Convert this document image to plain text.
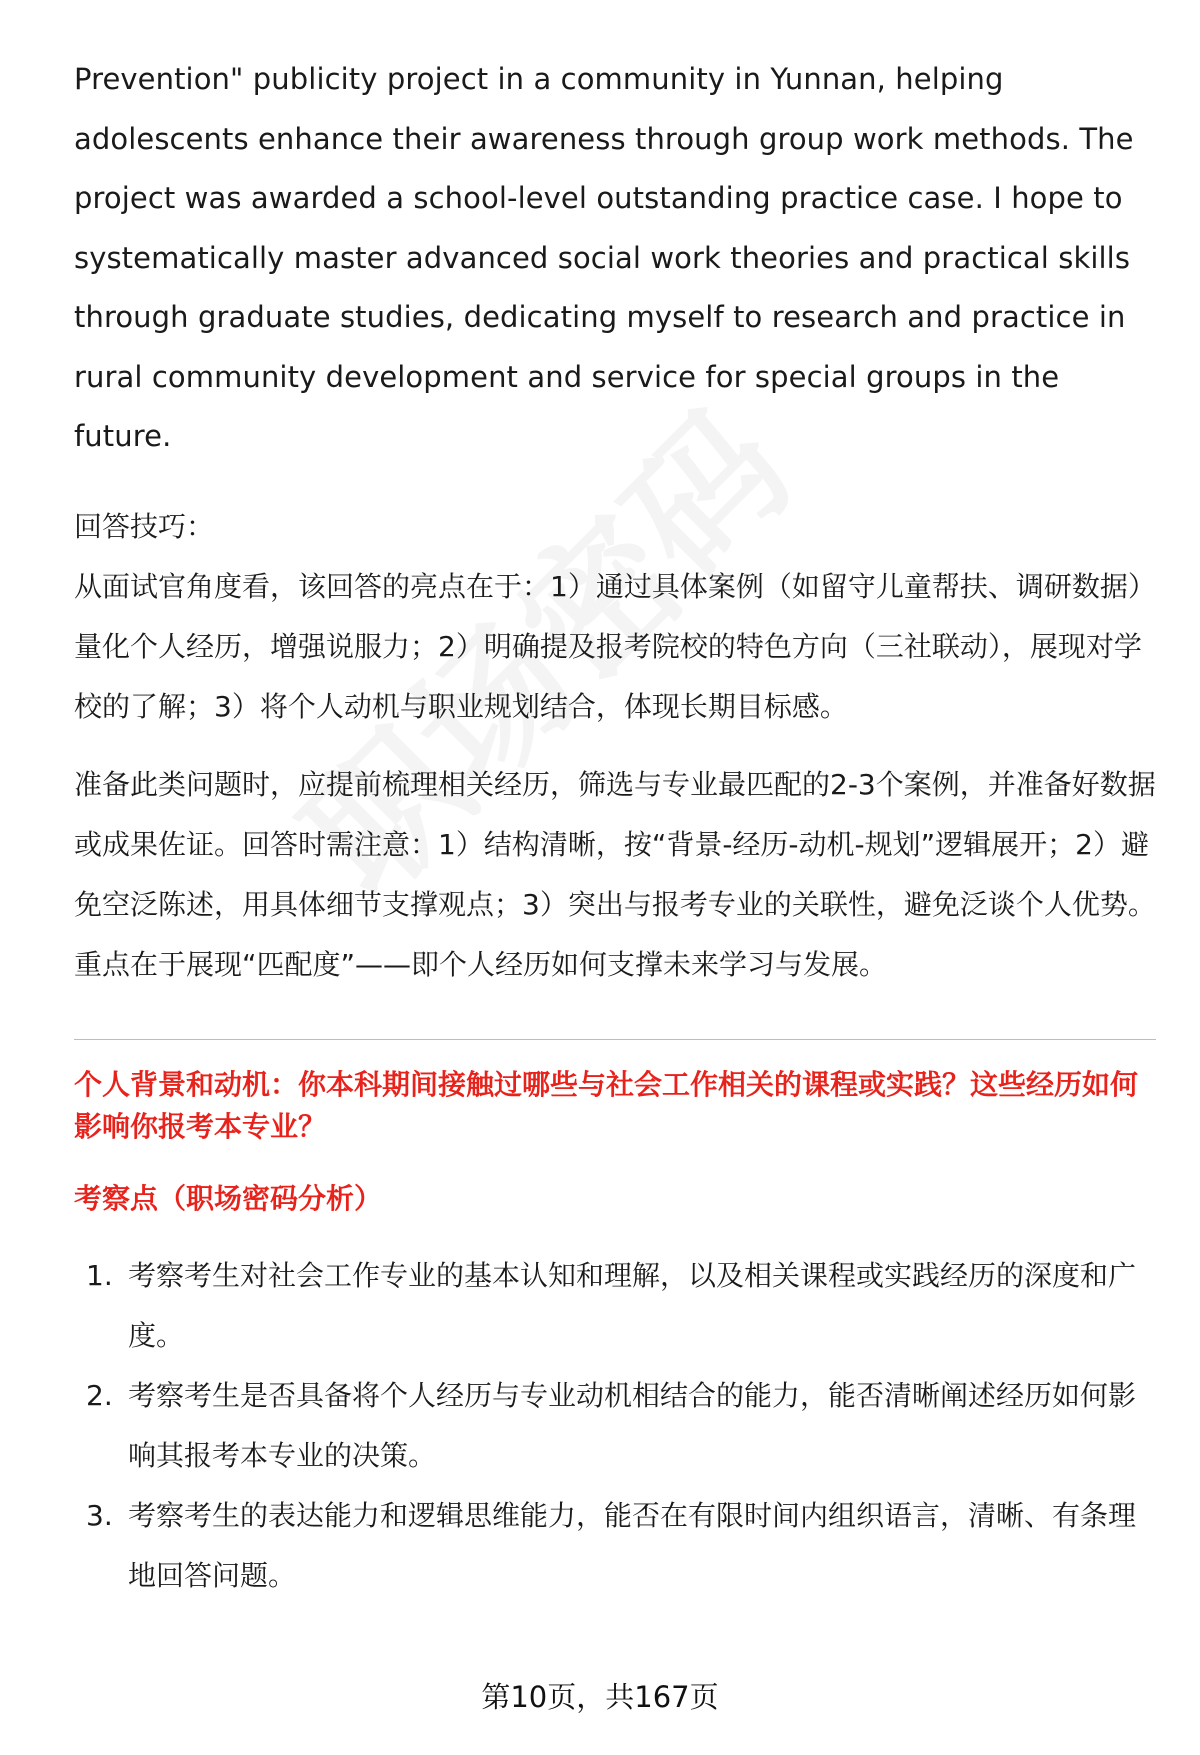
Prevention" publicity project in a community in Yunnan, helping

adolescents enhance their awareness through group work methods. The

project was awarded a school-level outstanding practice case. I hope to

systematically master advanced social work theories and practical skills

through graduate studies, dedicating myself to research and practice in

rural community development and service for special groups in the future.

回答技巧：

从面试官角度看，该回答的亮点在于：1）通过具体案例（如留守儿童帮扶、调研数据）量化个人经历，增强说服力；2）明确提及报考院校的特色方向（三社联动），展现对学校的了解；3）将个人动机与职业规划结合，体现长期目标感。

准备此类问题时，应提前梳理相关经历，筛选与专业最匹配的2-3个案例，并准备好数据或成果佐证。回答时需注意：1）结构清晰，按“背景-经历-动机-规划”逻辑展开；2）避免空泛陈述，用具体细节支撑观点；3）突出与报考专业的关联性，避免泛谈个人优势。重点在于展现“匹配度”——即个人经历如何支撑未来学习与发展。

个人背景和动机：你本科期间接触过哪些与社会工作相关的课程或实践？这些经历如何影响你报考本专业？

考察点（职场密码分析）

1. 考察考生对社会工作专业的基本认知和理解，以及相关课程或实践经历的深度和广度。
2. 考察考生是否具备将个人经历与专业动机相结合的能力，能否清晰阐述经历如何影响其报考本专业的决策。
3. 考察考生的表达能力和逻辑思维能力，能否在有限时间内组织语言，清晰、有条理地回答问题。
第10页，共167页
